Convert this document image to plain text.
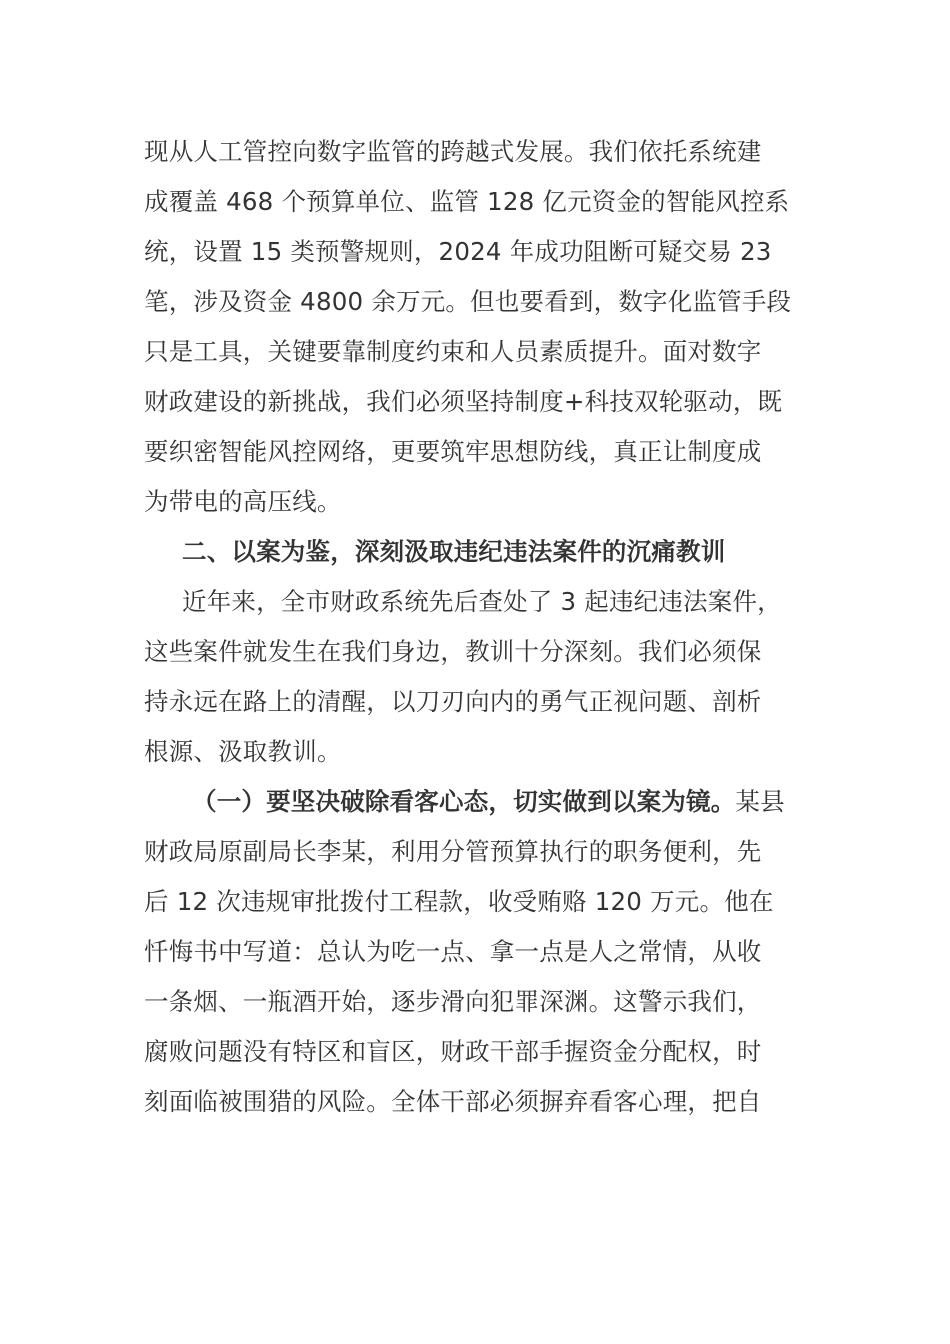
现从人工管控向数字监管的跨越式发展。我们依托系统建
成覆盖 468 个预算单位、监管 128 亿元资金的智能风控系
统，设置 15 类预警规则，2024 年成功阻断可疑交易 23
笔，涉及资金 4800 余万元。但也要看到，数字化监管手段
只是工具，关键要靠制度约束和人员素质提升。面对数字
财政建设的新挑战，我们必须坚持制度+科技双轮驱动，既
要织密智能风控网络，更要筑牢思想防线，真正让制度成
为带电的高压线。
二、以案为鉴，深刻汲取违纪违法案件的沉痛教训
近年来，全市财政系统先后查处了 3 起违纪违法案件，
这些案件就发生在我们身边，教训十分深刻。我们必须保
持永远在路上的清醒，以刀刃向内的勇气正视问题、剖析
根源、汲取教训。
（一）要坚决破除看客心态，切实做到以案为镜。某县
财政局原副局长李某，利用分管预算执行的职务便利，先
后 12 次违规审批拨付工程款，收受贿赂 120 万元。他在
忏悔书中写道：总认为吃一点、拿一点是人之常情，从收
一条烟、一瓶酒开始，逐步滑向犯罪深渊。这警示我们，
腐败问题没有特区和盲区，财政干部手握资金分配权，时
刻面临被围猎的风险。全体干部必须摒弃看客心理，把自
